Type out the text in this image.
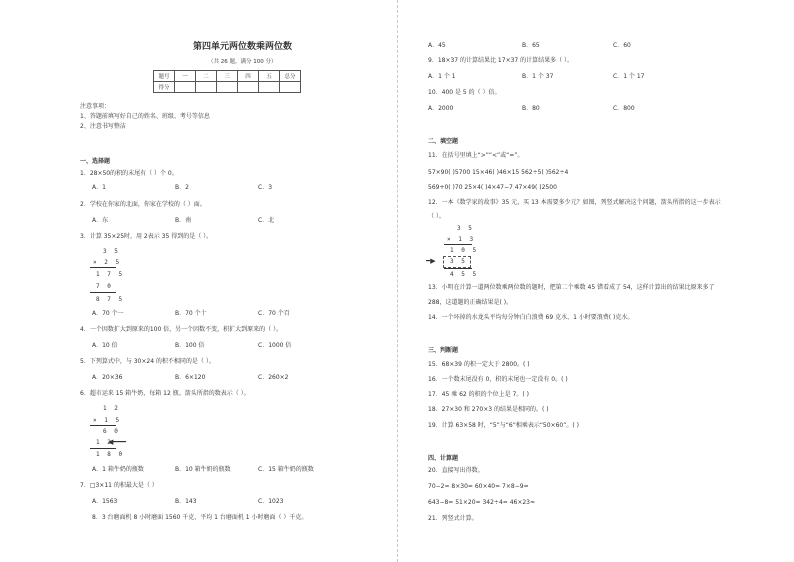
第四单元两位数乘两位数
（共 26 题，满分 100 分）
题号	一	二	三	四	五	总分
得分						
注意事项：
1、答题前填写好自己的姓名、班级、考号等信息
2、注意书写整洁
一、选择题
1．28×50的积的末尾有（ ）个 0。
A．1	B．2	C．3
2．学校在你家的北面，你家在学校的（ ）面。
A．东	B．南	C．北
3．计算 35×25时，用 2表示 35 得到的是（ ）。
3 5
× 2 5
1 7 5
7 0
8 7 5
A．70 个一	B．70 个十	C．70 个百
4．一个因数扩大到原来的100 倍，另一个因数不变，积扩大到原来的（ ）。
A．10 倍	B．100 倍	C．1000 倍
5．下列算式中，与 30×24 的积不相同的是（ ）。
A．20×36	B．6×120	C．260×2
6．超市运来 15 箱牛奶，每箱 12 瓶。箭头所指的数表示（ ）。
1 2
× 1 5
6 0
1 2
◀━━━
1 8 0
A．1 箱牛奶的瓶数	B．10 箱牛奶的瓶数	C．15 箱牛奶的瓶数
7．□3×11 的积最大是（ ）
A．1563	B．143	C．1023
8．3 台磨面机 8 小时磨面 1560 千克，平均 1 台磨面机 1 小时磨面（ ）千克。
A．45	B．65	C．60
9．18×37 的计算结果比 17×37 的计算结果多（ ）。
A．1 个 1	B．1 个 37	C．1 个 17
10．400 是 5 的（ ）倍。
A．2000	B．80	C．800
二、填空题
11．在括号里填上“>”“<”或“=”。
57×90( )5700 15×46( )46×15 562÷5( )562÷4
569+0( )70 25×4( )4×47−7 47×49( )2500
12．一本《数学家的故事》35 元，买 13 本需要多少元？如图，列竖式解决这个问题，箭头所指的这一步表示
（ ）。
3 5
× 1 3
1 0 5
━▶ 3 5
4 5 5
13．小明在计算一道两位数乘两位数的题时，把第二个乘数 45 错看成了 54，这样计算出的结果比原来多了
288，这道题的正确结果是( )。
14．一个坏掉的水龙头平均每分钟白白浪费 69 克水，1 小时要浪费( )克水。
三、判断题
15．68×39 的积一定大于 2800。( )
16．一个数末尾没有 0，积的末尾也一定没有 0。( )
17．45 乘 62 的积的个位上是 7。( )
18．27×30 和 270×3 的结果是相同的。( )
19．计算 63×58 时，“5”与“6”相乘表示“50×60”。( )
四、计算题
20．直接写出得数。
70−2= 8×30= 60×40= 7×8−9=
643−8= 51×20= 342÷4= 46×23≈
21．列竖式计算。
